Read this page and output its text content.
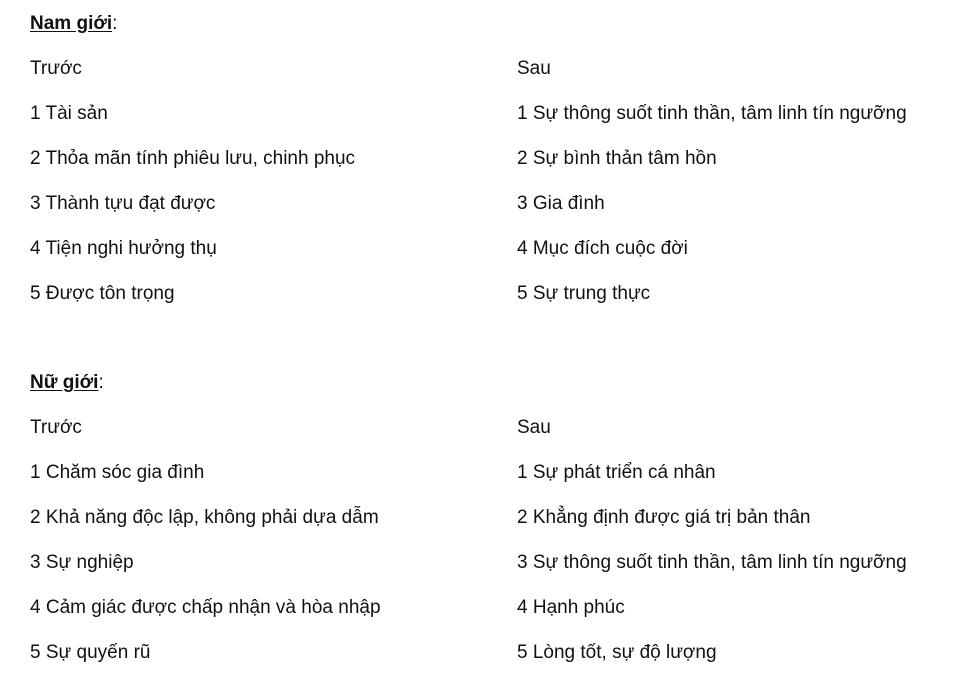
Nam giới:
Trước	Sau
1 Tài sản	1 Sự thông suốt tinh thần, tâm linh tín ngưỡng
2 Thỏa mãn tính phiêu lưu, chinh phục	2 Sự bình thản tâm hồn
3 Thành tựu đạt được	3 Gia đình
4 Tiện nghi hưởng thụ	4 Mục đích cuộc đời
5 Được tôn trọng	5 Sự trung thực
Nữ giới:
Trước	Sau
1 Chăm sóc gia đình	1 Sự phát triển cá nhân
2 Khả năng độc lập, không phải dựa dẫm	2 Khẳng định được giá trị bản thân
3 Sự nghiệp	3 Sự thông suốt tinh thần, tâm linh tín ngưỡng
4 Cảm giác được chấp nhận và hòa nhập	4 Hạnh phúc
5 Sự quyến rũ	5 Lòng tốt, sự độ lượng
